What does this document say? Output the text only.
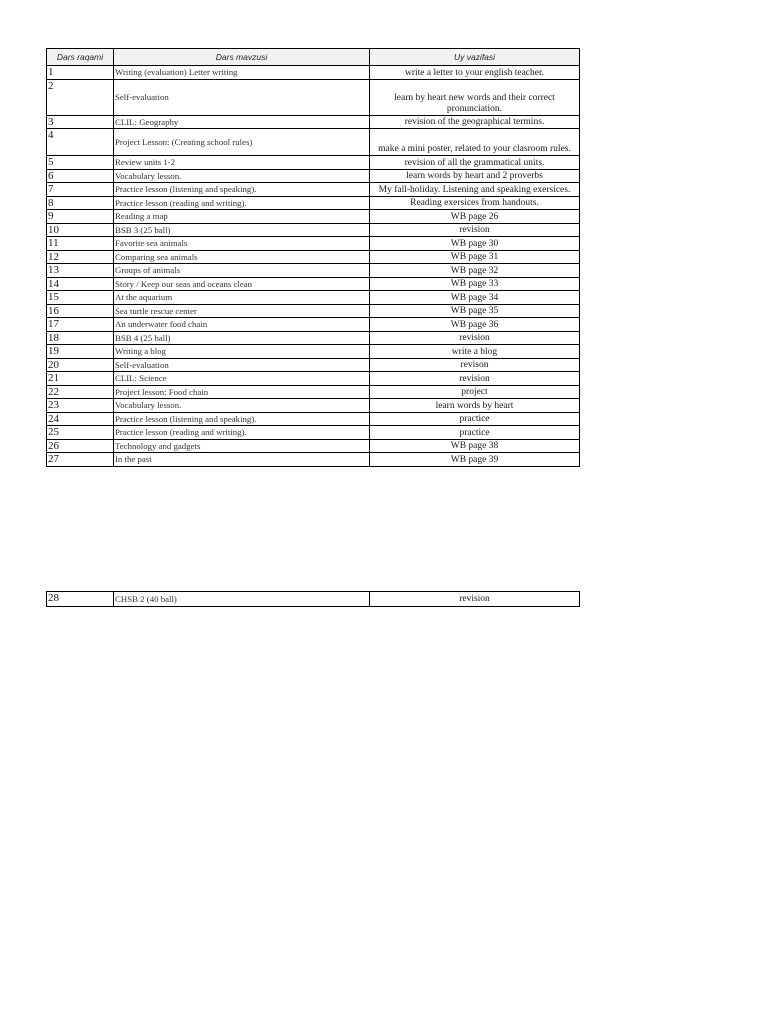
Dars raqami	Dars mavzusi	Uy vazifasi
1	Writing (evaluation) Letter writing	write a letter to your english teacher.
2	Self-evaluation	learn by heart new words and their correct pronunciation.
3	CLIL: Geography	revision of the geographical termins.
4	Project Lesson: (Creating school rules)	make a mini poster, related to your clasroom rules.
5	Review units 1-2	revision of all the grammatical units.
6	Vocabulary lesson.	learn words by heart and 2 proverbs
7	Practice lesson (listening and speaking).	My fall-holiday. Listening and speaking exersices.
8	Practice lesson (reading and writing).	Reading exersices from handouts.
9	Reading a map	WB page 26
10	BSB 3 (25 ball)	revision
11	Favorite sea animals	WB page 30
12	Comparing sea animals	WB page 31
13	Groups of animals	WB page 32
14	Story / Keep our seas and oceans clean	WB page 33
15	At the aquarium	WB page 34
16	Sea turtle rescue center	WB page 35
17	An underwater food chain	WB page 36
18	BSB 4 (25 ball)	revision
19	Writing a blog	write a blog
20	Self-evaluation	revison
21	CLIL: Science	revision
22	Project lesson: Food chain	project
23	Vocabulary lesson.	learn words by heart
24	Practice lesson (listening and speaking).	practice
25	Practice lesson (reading and writing).	practice
26	Technology and gadgets	WB page 38
27	In the past	WB page 39
28	CHSB 2 (40 ball)	revision
